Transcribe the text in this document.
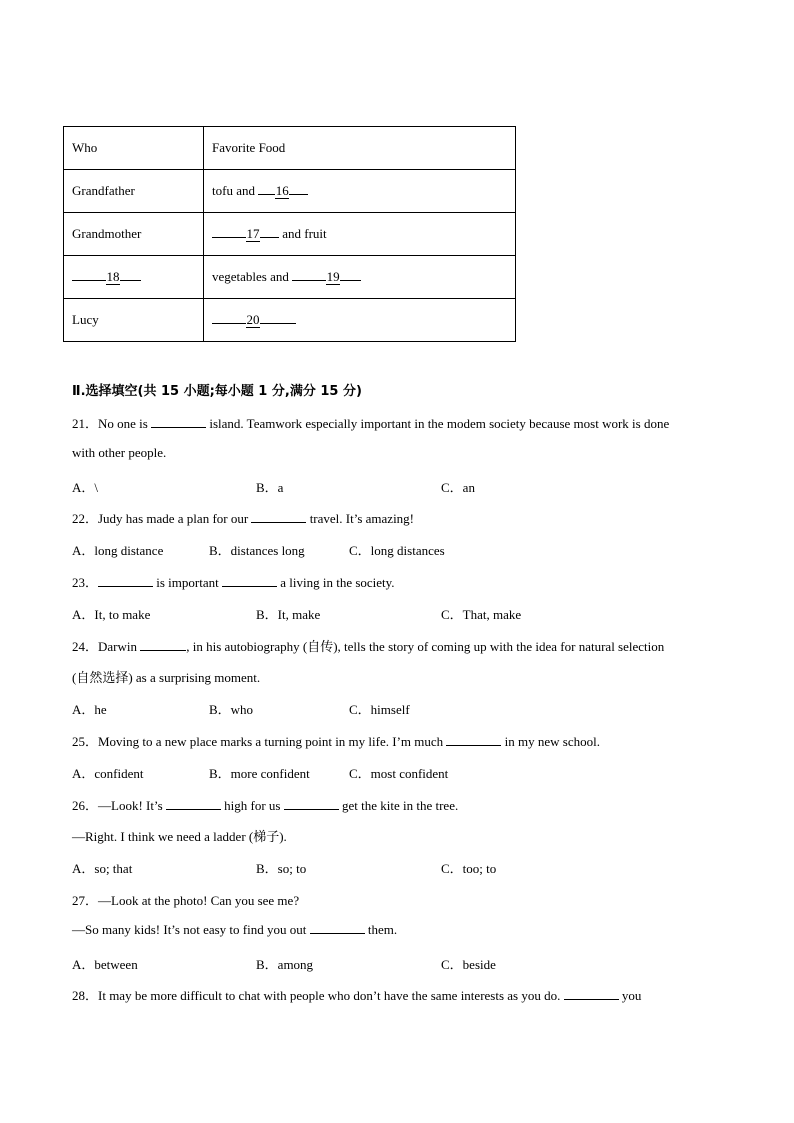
Who	Favorite Food
Grandfather	tofu and 16
Grandmother	17 and fruit
18	vegetables and 19
Lucy	20
Ⅱ.选择填空(共 15 小题;每小题 1 分,满分 15 分)
21．No one is	island. Teamwork especially important in the modem society because most work is done
with other people.
A．\	B．a	C．an
22．Judy has made a plan for our	travel. It’s amazing!
A．long distance	B．distances long	C．long distances
23．	is important	a living in the society.
A．It, to make	B．It, make	C．That, make
24．Darwin	, in his autobiography (自传), tells the story of coming up with the idea for natural selection
(自然选择) as a surprising moment.
A．he	B．who	C．himself
25．Moving to a new place marks a turning point in my life. I’m much	in my new school.
A．confident	B．more confident	C．most confident
26．—Look! It’s	high for us	get the kite in the tree.
—Right. I think we need a ladder (梯子).
A．so; that	B．so; to	C．too; to
27．—Look at the photo! Can you see me?
—So many kids! It’s not easy to find you out	them.
A．between	B．among	C．beside
28．It may be more difficult to chat with people who don’t have the same interests as you do.	you
